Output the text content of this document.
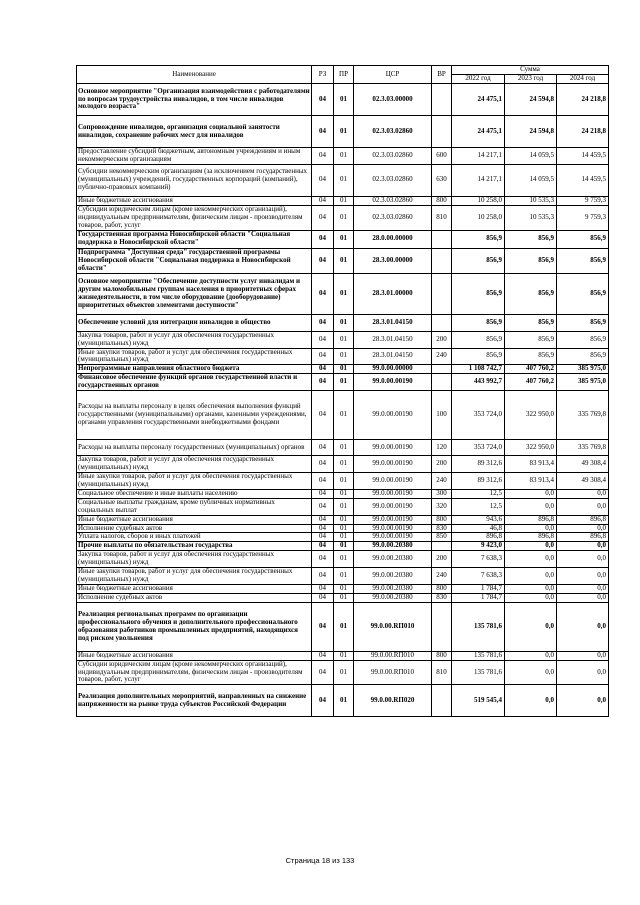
Наименование	РЗ	ПР	ЦСР	ВР	Сумма		
					2022 год	2023 год	2024 год
Основное мероприятие "Организация взаимодействия с работодателями по вопросам трудоустройства инвалидов, в том числе инвалидов молодого возраста"	04	01	02.3.03.00000		24 475,1	24 594,8	24 218,8
Сопровождение инвалидов, организация социальной занятости инвалидов, сохранение рабочих мест для инвалидов	04	01	02.3.03.02860		24 475,1	24 594,8	24 218,8
Предоставление субсидий бюджетным, автономным учреждениям и иным некоммерческим организациям	04	01	02.3.03.02860	600	14 217,1	14 059,5	14 459,5
Субсидии некоммерческим организациям (за исключением государственных (муниципальных) учреждений, государственных корпораций (компаний), публично-правовых компаний)	04	01	02.3.03.02860	630	14 217,1	14 059,5	14 459,5
Иные бюджетные ассигнования	04	01	02.3.03.02860	800	10 258,0	10 535,3	9 759,3
Субсидии юридическим лицам (кроме некоммерческих организаций), индивидуальным предпринимателям, физическим лицам - производителям товаров, работ, услуг	04	01	02.3.03.02860	810	10 258,0	10 535,3	9 759,3
Государственная программа Новосибирской области "Социальная поддержка в Новосибирской области"	04	01	28.0.00.00000		856,9	856,9	856,9
Подпрограмма "Доступная среда" государственной программы Новосибирской области "Социальная поддержка в Новосибирской области"	04	01	28.3.00.00000		856,9	856,9	856,9
Основное мероприятие "Обеспечение доступности услуг инвалидам и другим маломобильным группам населения в приоритетных сферах жизнедеятельности, в том числе оборудование (дооборудование) приоритетных объектов элементами доступности"	04	01	28.3.01.00000		856,9	856,9	856,9
Обеспечение условий для интеграции инвалидов в общество	04	01	28.3.01.04150		856,9	856,9	856,9
Закупка товаров, работ и услуг для обеспечения государственных (муниципальных) нужд	04	01	28.3.01.04150	200	856,9	856,9	856,9
Иные закупки товаров, работ и услуг для обеспечения государственных (муниципальных) нужд	04	01	28.3.01.04150	240	856,9	856,9	856,9
Непрограммные направления областного бюджета	04	01	99.0.00.00000		1 108 742,7	407 760,2	385 975,0
Финансовое обеспечение функций органов государственной власти и государственных органов	04	01	99.0.00.00190		443 992,7	407 760,2	385 975,0
Расходы на выплаты персоналу в целях обеспечения выполнения функций государственными (муниципальными) органами, казенными учреждениями, органами управления государственными внебюджетными фондами	04	01	99.0.00.00190	100	353 724,0	322 950,0	335 769,8
Расходы на выплаты персоналу государственных (муниципальных) органов	04	01	99.0.00.00190	120	353 724,0	322 950,0	335 769,8
Закупка товаров, работ и услуг для обеспечения государственных (муниципальных) нужд	04	01	99.0.00.00190	200	89 312,6	83 913,4	49 308,4
Иные закупки товаров, работ и услуг для обеспечения государственных (муниципальных) нужд	04	01	99.0.00.00190	240	89 312,6	83 913,4	49 308,4
Социальное обеспечение и иные выплаты населению	04	01	99.0.00.00190	300	12,5	0,0	0,0
Социальные выплаты гражданам, кроме публичных нормативных социальных выплат	04	01	99.0.00.00190	320	12,5	0,0	0,0
Иные бюджетные ассигнования	04	01	99.0.00.00190	800	943,6	896,8	896,8
Исполнение судебных актов	04	01	99.0.00.00190	830	46,8	0,0	0,0
Уплата налогов, сборов и иных платежей	04	01	99.0.00.00190	850	896,8	896,8	896,8
Прочие выплаты по обязательствам государства	04	01	99.0.00.20380		9 423,0	0,0	0,0
Закупка товаров, работ и услуг для обеспечения государственных (муниципальных) нужд	04	01	99.0.00.20380	200	7 638,3	0,0	0,0
Иные закупки товаров, работ и услуг для обеспечения государственных (муниципальных) нужд	04	01	99.0.00.20380	240	7 638,3	0,0	0,0
Иные бюджетные ассигнования	04	01	99.0.00.20380	800	1 784,7	0,0	0,0
Исполнение судебных актов	04	01	99.0.00.20380	830	1 784,7	0,0	0,0
Реализация региональных программ по организации профессионального обучения и дополнительного профессионального образования работников промышленных предприятий, находящихся под риском увольнения	04	01	99.0.00.RП010		135 781,6	0,0	0,0
Иные бюджетные ассигнования	04	01	99.0.00.RП010	800	135 781,6	0,0	0,0
Субсидии юридическим лицам (кроме некоммерческих организаций), индивидуальным предпринимателям, физическим лицам - производителям товаров, работ, услуг	04	01	99.0.00.RП010	810	135 781,6	0,0	0,0
Реализация дополнительных мероприятий, направленных на снижение напряженности на рынке труда субъектов Российской Федерации	04	01	99.0.00.RП020		519 545,4	0,0	0,0
Страница 18 из 133
